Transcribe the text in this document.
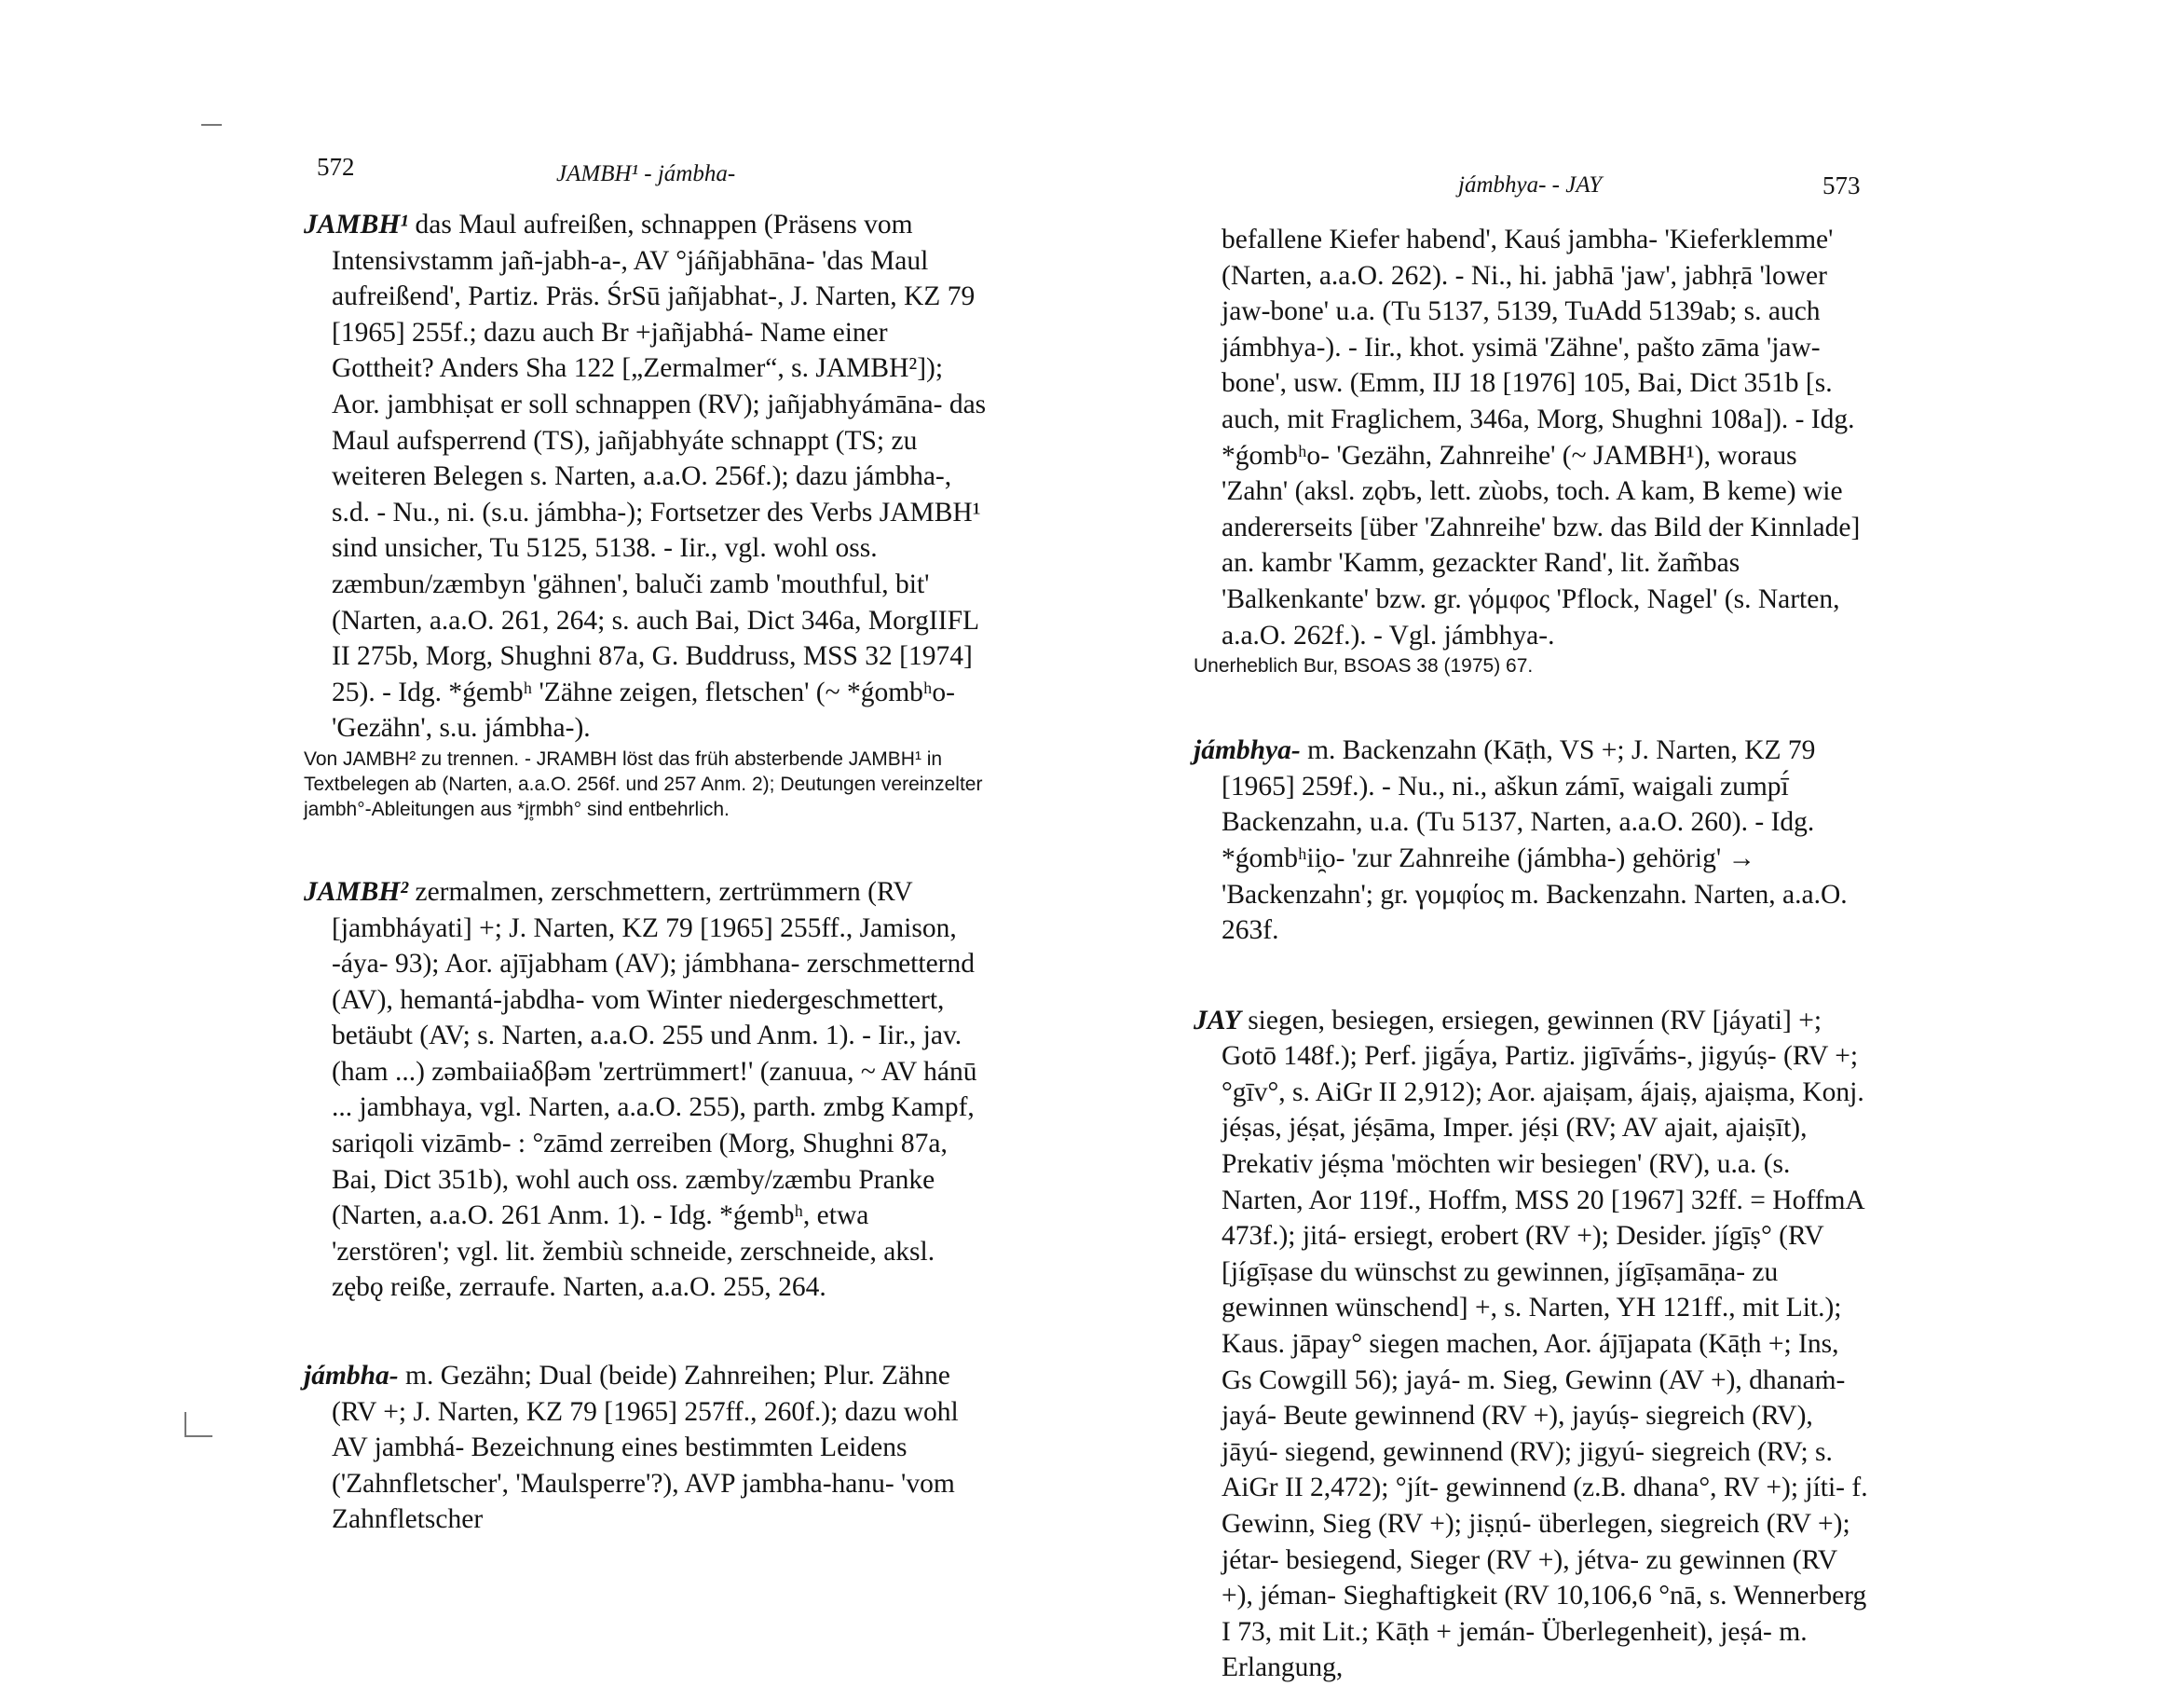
572	JAMBH¹ - jámbha-

JAMBH¹ das Maul aufreißen, schnappen (Präsens vom Intensivstamm jañ-jabh-a-, AV °jáñjabhāna- 'das Maul aufreißend', Partiz. Präs. ŚrSū jañjabhat-, J. Narten, KZ 79 [1965] 255f.; dazu auch Br +jañjabhá- Name einer Gottheit? Anders Sha 122 [„Zermalmer“, s. JAMBH²]); Aor. jambhiṣat er soll schnappen (RV); jañjabhyámāna- das Maul aufsperrend (TS), jañjabhyáte schnappt (TS; zu weiteren Belegen s. Narten, a.a.O. 256f.); dazu jámbha-, s.d. - Nu., ni. (s.u. jámbha-); Fortsetzer des Verbs JAMBH¹ sind unsicher, Tu 5125, 5138. - Iir., vgl. wohl oss. zæmbun/zæmbyn 'gähnen', baluči zamb 'mouthful, bit' (Narten, a.a.O. 261, 264; s. auch Bai, Dict 346a, MorgIIFL II 275b, Morg, Shughni 87a, G. Buddruss, MSS 32 [1974] 25). - Idg. *ǵembʰ 'Zähne zeigen, fletschen' (~ *ǵombʰo- 'Gezähn', s.u. jámbha-).

Von JAMBH² zu trennen. - JRAMBH löst das früh absterbende JAMBH¹ in Textbelegen ab (Narten, a.a.O. 256f. und 257 Anm. 2); Deutungen vereinzelter jambh°-Ableitungen aus *jr̥mbh° sind entbehrlich.

JAMBH² zermalmen, zerschmettern, zertrümmern (RV [jambháyati] +; J. Narten, KZ 79 [1965] 255ff., Jamison, -áya- 93); Aor. ajījabham (AV); jámbhana- zerschmetternd (AV), hemantá-jabdha- vom Winter niedergeschmettert, betäubt (AV; s. Narten, a.a.O. 255 und Anm. 1). - Iir., jav. (ham ...) zəmbaiiaδβəm 'zertrümmert!' (zanuua, ~ AV hánū ... jambhaya, vgl. Narten, a.a.O. 255), parth. zmbg Kampf, sariqoli vizāmb- : °zāmd zerreiben (Morg, Shughni 87a, Bai, Dict 351b), wohl auch oss. zæmby/zæmbu Pranke (Narten, a.a.O. 261 Anm. 1). - Idg. *ǵembʰ, etwa 'zerstören'; vgl. lit. žembiù schneide, zerschneide, aksl. zębǫ reiße, zerraufe. Narten, a.a.O. 255, 264.

jámbha- m. Gezähn; Dual (beide) Zahnreihen; Plur. Zähne (RV +; J. Narten, KZ 79 [1965] 257ff., 260f.); dazu wohl AV jambhá- Bezeichnung eines bestimmten Leidens ('Zahnfletscher', 'Maulsperre'?), AVP jambha-hanu- 'vom Zahnfletscher

jámbhya- - JAY	573

befallene Kiefer habend', Kauś jambha- 'Kieferklemme' (Narten, a.a.O. 262). - Ni., hi. jabhā 'jaw', jabhṛā 'lower jaw-bone' u.a. (Tu 5137, 5139, TuAdd 5139ab; s. auch jámbhya-). - Iir., khot. ysimä 'Zähne', pašto zāma 'jaw-bone', usw. (Emm, IIJ 18 [1976] 105, Bai, Dict 351b [s. auch, mit Fraglichem, 346a, Morg, Shughni 108a]). - Idg. *ǵombʰo- 'Gezähn, Zahnreihe' (~ JAMBH¹), woraus 'Zahn' (aksl. zǫbъ, lett. zùobs, toch. A kam, B keme) wie andererseits [über 'Zahnreihe' bzw. das Bild der Kinnlade] an. kambr 'Kamm, gezackter Rand', lit. žam̃bas 'Balkenkante' bzw. gr. γόμφος 'Pflock, Nagel' (s. Narten, a.a.O. 262f.). - Vgl. jámbhya-.

Unerheblich Bur, BSOAS 38 (1975) 67.

jámbhya- m. Backenzahn (Kāṭh, VS +; J. Narten, KZ 79 [1965] 259f.). - Nu., ni., aškun zámī, waigali zumpī́ Backenzahn, u.a. (Tu 5137, Narten, a.a.O. 260). - Idg. *ǵombʰii̯o- 'zur Zahnreihe (jámbha-) gehörig' → 'Backenzahn'; gr. γομφίος m. Backenzahn. Narten, a.a.O. 263f.

JAY siegen, besiegen, ersiegen, gewinnen (RV [jáyati] +; Gotō 148f.); Perf. jigā́ya, Partiz. jigīvā́ṁs-, jigyúṣ- (RV +; °gīv°, s. AiGr II 2,912); Aor. ajaiṣam, ájaiṣ, ajaiṣma, Konj. jéṣas, jéṣat, jéṣāma, Imper. jéṣi (RV; AV ajait, ajaiṣīt), Prekativ jéṣma 'möchten wir besiegen' (RV), u.a. (s. Narten, Aor 119f., Hoffm, MSS 20 [1967] 32ff. = HoffmA 473f.); jitá- ersiegt, erobert (RV +); Desider. jígīṣ° (RV [jígīṣase du wünschst zu gewinnen, jígīṣamāṇa- zu gewinnen wünschend] +, s. Narten, YH 121ff., mit Lit.); Kaus. jāpay° siegen machen, Aor. ájījapata (Kāṭh +; Ins, Gs Cowgill 56); jayá- m. Sieg, Gewinn (AV +), dhanaṁ-jayá- Beute gewinnend (RV +), jayúṣ- siegreich (RV), jāyú- siegend, gewinnend (RV); jigyú- siegreich (RV; s. AiGr II 2,472); °jít- gewinnend (z.B. dhana°, RV +); jíti- f. Gewinn, Sieg (RV +); jiṣṇú- überlegen, siegreich (RV +); jétar- besiegend, Sieger (RV +), jétva- zu gewinnen (RV +), jéman- Sieghaftigkeit (RV 10,106,6 °nā, s. Wennerberg I 73, mit Lit.; Kāṭh + jemán- Überlegenheit), jeṣá- m. Erlangung,
